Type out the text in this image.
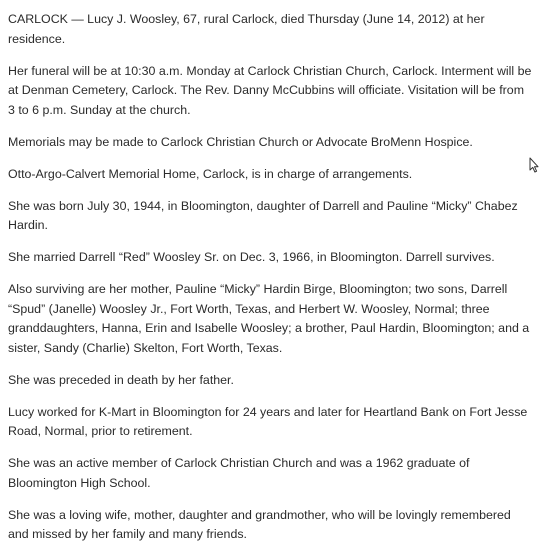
CARLOCK — Lucy J. Woosley, 67, rural Carlock, died Thursday (June 14, 2012) at her residence.

Her funeral will be at 10:30 a.m. Monday at Carlock Christian Church, Carlock. Interment will be at Denman Cemetery, Carlock. The Rev. Danny McCubbins will officiate. Visitation will be from 3 to 6 p.m. Sunday at the church.

Memorials may be made to Carlock Christian Church or Advocate BroMenn Hospice.

Otto-Argo-Calvert Memorial Home, Carlock, is in charge of arrangements.

She was born July 30, 1944, in Bloomington, daughter of Darrell and Pauline “Micky” Chabez Hardin.

She married Darrell “Red” Woosley Sr. on Dec. 3, 1966, in Bloomington. Darrell survives.

Also surviving are her mother, Pauline “Micky” Hardin Birge, Bloomington; two sons, Darrell “Spud” (Janelle) Woosley Jr., Fort Worth, Texas, and Herbert W. Woosley, Normal; three granddaughters, Hanna, Erin and Isabelle Woosley; a brother, Paul Hardin, Bloomington; and a sister, Sandy (Charlie) Skelton, Fort Worth, Texas.

She was preceded in death by her father.

Lucy worked for K-Mart in Bloomington for 24 years and later for Heartland Bank on Fort Jesse Road, Normal, prior to retirement.

She was an active member of Carlock Christian Church and was a 1962 graduate of Bloomington High School.

She was a loving wife, mother, daughter and grandmother, who will be lovingly remembered and missed by her family and many friends.
